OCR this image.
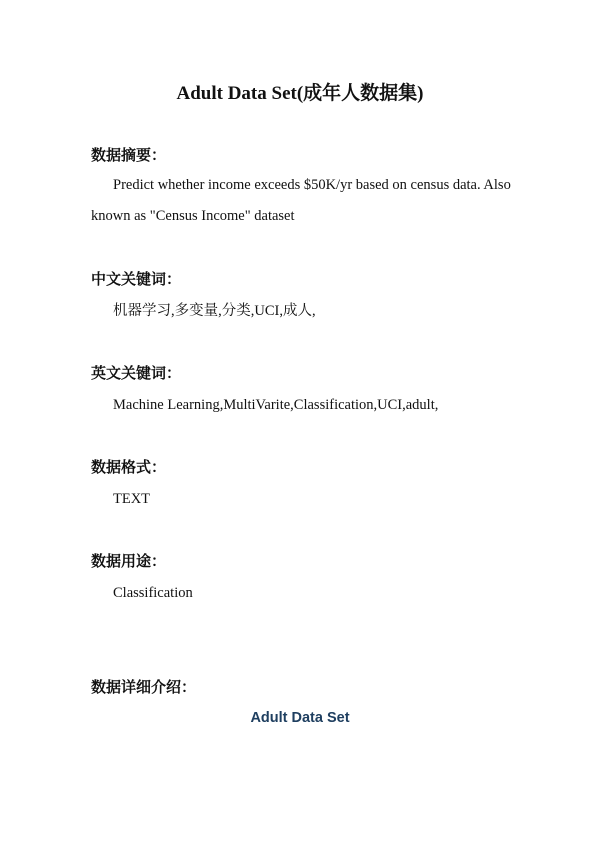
Adult Data Set(成年人数据集)
数据摘要：

Predict whether income exceeds $50K/yr based on census data. Also known as "Census Income" dataset

中文关键词：

机器学习,多变量,分类,UCI,成人,

英文关键词：

Machine Learning,MultiVarite,Classification,UCI,adult,

数据格式：

TEXT

数据用途：

Classification

数据详细介绍：

Adult Data Set
